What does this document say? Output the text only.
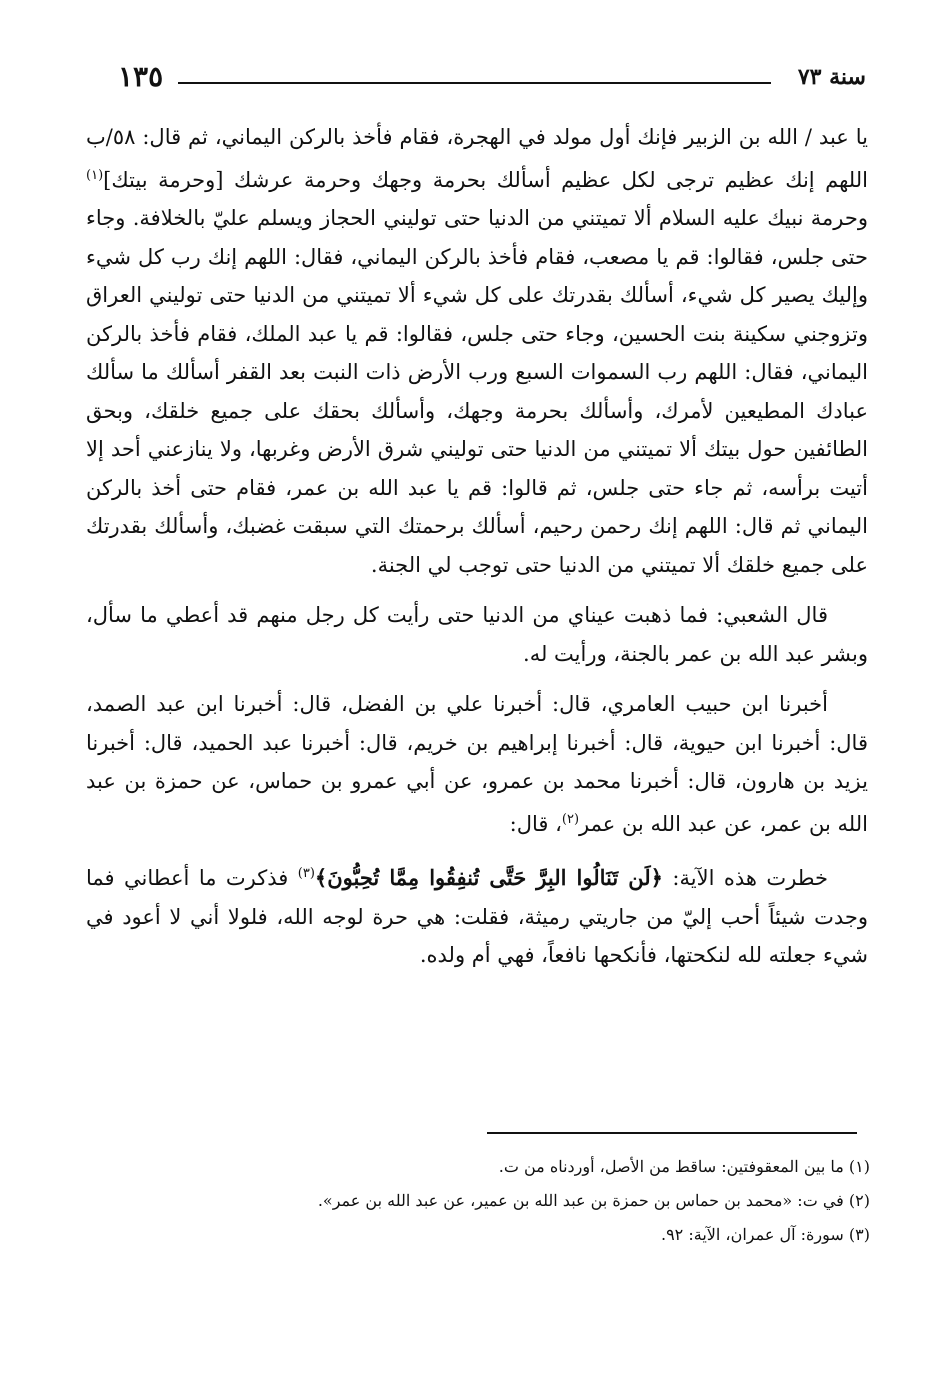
١٣٥	سنة ٧٣

يا عبد / الله بن الزبير فإنك أول مولد في الهجرة، فقام فأخذ بالركن اليماني، ثم قال: ٥٨/ب اللهم إنك عظيم ترجى لكل عظيم أسألك بحرمة وجهك وحرمة عرشك [وحرمة بيتك]$^{(١)}$ وحرمة نبيك عليه السلام ألا تميتني من الدنيا حتى توليني الحجاز ويسلم عليّ بالخلافة. وجاء حتى جلس، فقالوا: قم يا مصعب، فقام فأخذ بالركن اليماني، فقال: اللهم إنك رب كل شيء وإليك يصير كل شيء، أسألك بقدرتك على كل شيء ألا تميتني من الدنيا حتى توليني العراق وتزوجني سكينة بنت الحسين، وجاء حتى جلس، فقالوا: قم يا عبد الملك، فقام فأخذ بالركن اليماني، فقال: اللهم رب السموات السبع ورب الأرض ذات النبت بعد القفر أسألك ما سألك عبادك المطيعين لأمرك، وأسألك بحرمة وجهك، وأسألك بحقك على جميع خلقك، وبحق الطائفين حول بيتك ألا تميتني من الدنيا حتى توليني شرق الأرض وغربها، ولا ينازعني أحد إلا أتيت برأسه، ثم جاء حتى جلس، ثم قالوا: قم يا عبد الله بن عمر، فقام حتى أخذ بالركن اليماني ثم قال: اللهم إنك رحمن رحيم، أسألك برحمتك التي سبقت غضبك، وأسألك بقدرتك على جميع خلقك ألا تميتني من الدنيا حتى توجب لي الجنة.

قال الشعبي: فما ذهبت عيناي من الدنيا حتى رأيت كل رجل منهم قد أعطي ما سأل، وبشر عبد الله بن عمر بالجنة، ورأيت له.

أخبرنا ابن حبيب العامري، قال: أخبرنا علي بن الفضل، قال: أخبرنا ابن عبد الصمد، قال: أخبرنا ابن حيوية، قال: أخبرنا إبراهيم بن خريم، قال: أخبرنا عبد الحميد، قال: أخبرنا يزيد بن هارون، قال: أخبرنا محمد بن عمرو، عن أبي عمرو بن حماس، عن حمزة بن عبد الله بن عمر، عن عبد الله بن عمر$^{(٢)}$، قال:

خطرت هذه الآية: ﴿لَن تَنَالُوا البِرَّ حَتَّى تُنفِقُوا مِمَّا تُحِبُّونَ﴾$^{(٣)}$ فذكرت ما أعطاني فما وجدت شيئاً أحب إليّ من جاريتي رميثة، فقلت: هي حرة لوجه الله، فلولا أني لا أعود في شيء جعلته لله لنكحتها، فأنكحها نافعاً، فهي أم ولده.

(١) ما بين المعقوفتين: ساقط من الأصل، أوردناه من ت.
(٢) في ت: «محمد بن حماس بن حمزة بن عبد الله بن عمير، عن عبد الله بن عمر».
(٣) سورة: آل عمران، الآية: ٩٢.
